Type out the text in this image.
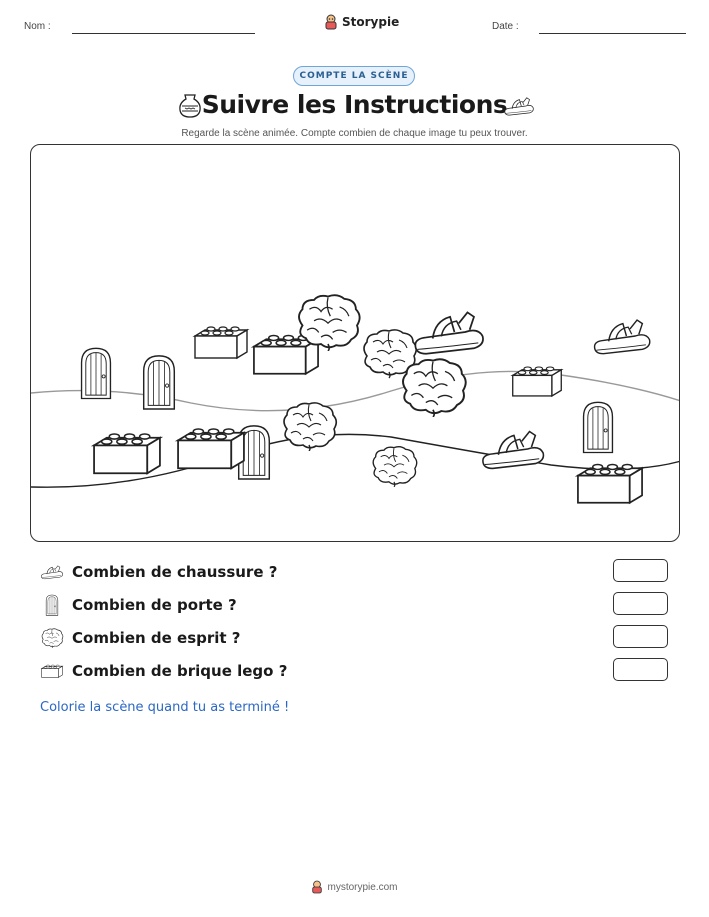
Nom :	Storypie	Date :
COMPTE LA SCÈNE
Suivre les Instructions
Regarde la scène animée. Compte combien de chaque image tu peux trouver.
Combien de chaussure ?
Combien de porte ?
Combien de esprit ?
Combien de brique lego ?
Colorie la scène quand tu as terminé !
mystorypie.com
